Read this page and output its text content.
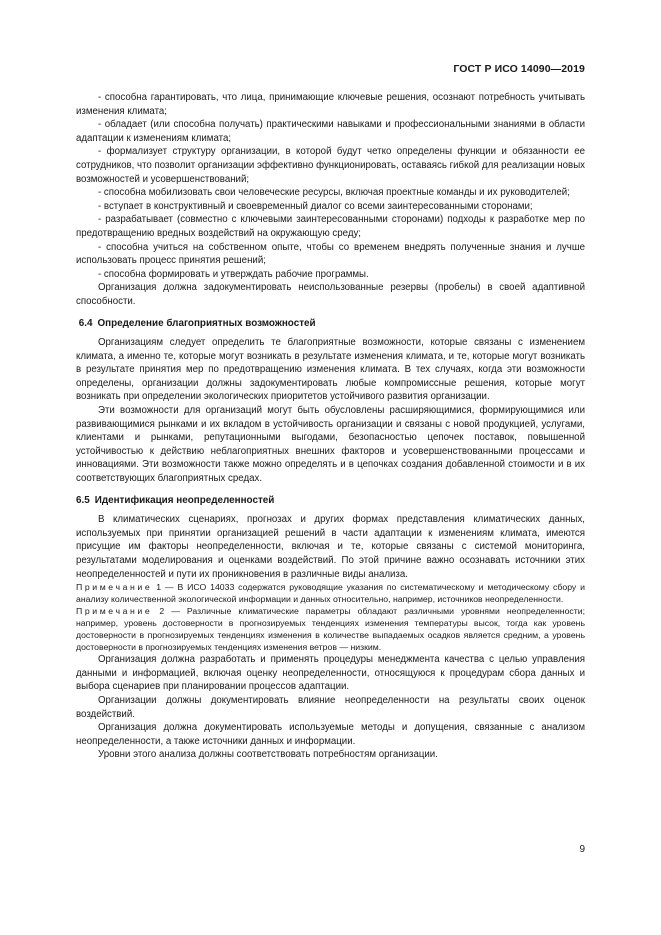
ГОСТ Р ИСО 14090—2019

- способна гарантировать, что лица, принимающие ключевые решения, осознают потребность учитывать изменения климата;

- обладает (или способна получать) практическими навыками и профессиональными знаниями в области адаптации к изменениям климата;

- формализует структуру организации, в которой будут четко определены функции и обязанности ее сотрудников, что позволит организации эффективно функционировать, оставаясь гибкой для реализации новых возможностей и усовершенствований;

- способна мобилизовать свои человеческие ресурсы, включая проектные команды и их руководителей;

- вступает в конструктивный и своевременный диалог со всеми заинтересованными сторонами;

- разрабатывает (совместно с ключевыми заинтересованными сторонами) подходы к разработке мер по предотвращению вредных воздействий на окружающую среду;

- способна учиться на собственном опыте, чтобы со временем внедрять полученные знания и лучше использовать процесс принятия решений;

- способна формировать и утверждать рабочие программы.

Организация должна задокументировать неиспользованные резервы (пробелы) в своей адаптивной способности.

6.4 Определение благоприятных возможностей

Организациям следует определить те благоприятные возможности, которые связаны с изменением климата, а именно те, которые могут возникать в результате изменения климата, и те, которые могут возникать в результате принятия мер по предотвращению изменения климата. В тех случаях, когда эти возможности определены, организации должны задокументировать любые компромиссные решения, которые могут возникать при определении экологических приоритетов устойчивого развития организации.

Эти возможности для организаций могут быть обусловлены расширяющимися, формирующимися или развивающимися рынками и их вкладом в устойчивость организации и связаны с новой продукцией, услугами, клиентами и рынками, репутационными выгодами, безопасностью цепочек поставок, повышенной устойчивостью к действию неблагоприятных внешних факторов и усовершенствованными процессами и инновациями. Эти возможности также можно определять и в цепочках создания добавленной стоимости и в их соответствующих благоприятных средах.

6.5 Идентификация неопределенностей

В климатических сценариях, прогнозах и других формах представления климатических данных, используемых при принятии организацией решений в части адаптации к изменениям климата, имеются присущие им факторы неопределенности, включая и те, которые связаны с системой мониторинга, результатами моделирования и оценками воздействий. По этой причине важно осознавать источники этих неопределенностей и пути их проникновения в различные виды анализа.

Примечание 1 — В ИСО 14033 содержатся руководящие указания по систематическому и методическому сбору и анализу количественной экологической информации и данных относительно, например, источников неопределенности.

Примечание 2 — Различные климатические параметры обладают различными уровнями неопределенности; например, уровень достоверности в прогнозируемых тенденциях изменения температуры высок, тогда как уровень достоверности в прогнозируемых тенденциях изменения в количестве выпадаемых осадков является средним, а уровень достоверности в прогнозируемых тенденциях изменения ветров — низким.

Организация должна разработать и применять процедуры менеджмента качества с целью управления данными и информацией, включая оценку неопределенности, относящуюся к процедурам сбора данных и выбора сценариев при планировании процессов адаптации.

Организации должны документировать влияние неопределенности на результаты своих оценок воздействий.

Организация должна документировать используемые методы и допущения, связанные с анализом неопределенности, а также источники данных и информации.

Уровни этого анализа должны соответствовать потребностям организации.

9
